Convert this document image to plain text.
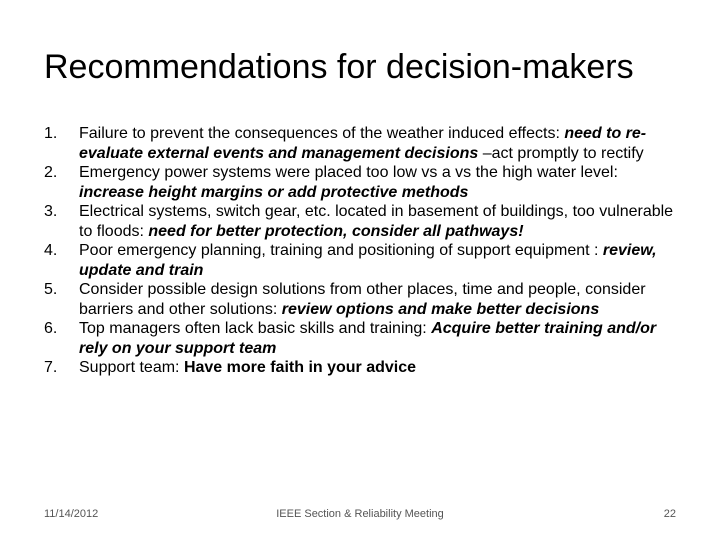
Recommendations for decision-makers
1. Failure to prevent the consequences of the weather induced effects: need to re-evaluate external events and management decisions –act promptly to rectify
2. Emergency power systems were placed too low vs a vs the high water level: increase height margins or add protective methods
3. Electrical systems, switch gear, etc. located in basement of buildings, too vulnerable to floods: need for better protection, consider all pathways!
4. Poor emergency planning, training and positioning of support equipment : review, update and train
5. Consider possible design solutions from other places, time and people, consider barriers and other solutions: review options and make better decisions
6. Top managers often lack basic skills and training: Acquire better training and/or rely on your support team
7. Support team: Have more faith in your advice
11/14/2012	IEEE Section & Reliability Meeting	22
